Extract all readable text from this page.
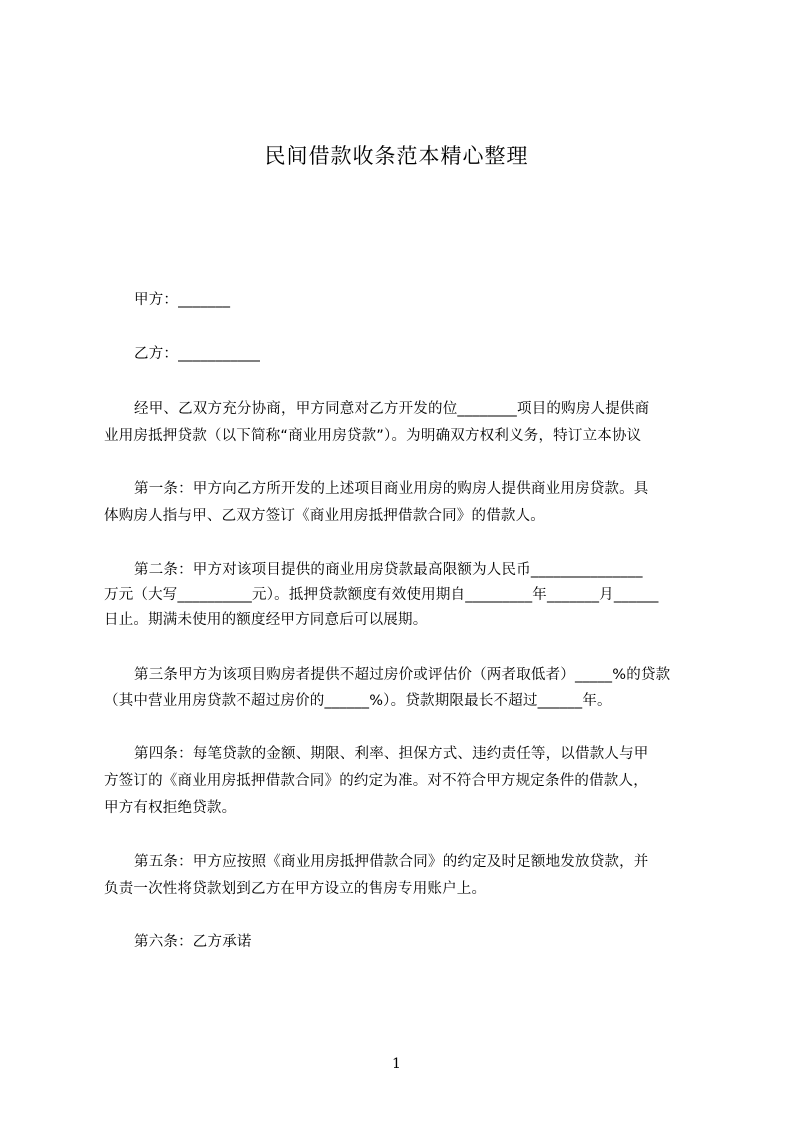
民间借款收条范本精心整理
甲方：_______
乙方：___________
经甲、乙双方充分协商，甲方同意对乙方开发的位________项目的购房人提供商
业用房抵押贷款（以下简称“商业用房贷款”）。为明确双方权利义务，特订立本协议
第一条：甲方向乙方所开发的上述项目商业用房的购房人提供商业用房贷款。具
体购房人指与甲、乙双方签订《商业用房抵押借款合同》的借款人。
第二条：甲方对该项目提供的商业用房贷款最高限额为人民币_______________
万元（大写__________元）。抵押贷款额度有效使用期自_________年_______月______
日止。期满未使用的额度经甲方同意后可以展期。
第三条甲方为该项目购房者提供不超过房价或评估价（两者取低者）_____%的贷款
（其中营业用房贷款不超过房价的______%）。贷款期限最长不超过______年。
第四条：每笔贷款的金额、期限、利率、担保方式、违约责任等，以借款人与甲
方签订的《商业用房抵押借款合同》的约定为准。对不符合甲方规定条件的借款人，
甲方有权拒绝贷款。
第五条：甲方应按照《商业用房抵押借款合同》的约定及时足额地发放贷款，并
负责一次性将贷款划到乙方在甲方设立的售房专用账户上。
第六条：乙方承诺
1
